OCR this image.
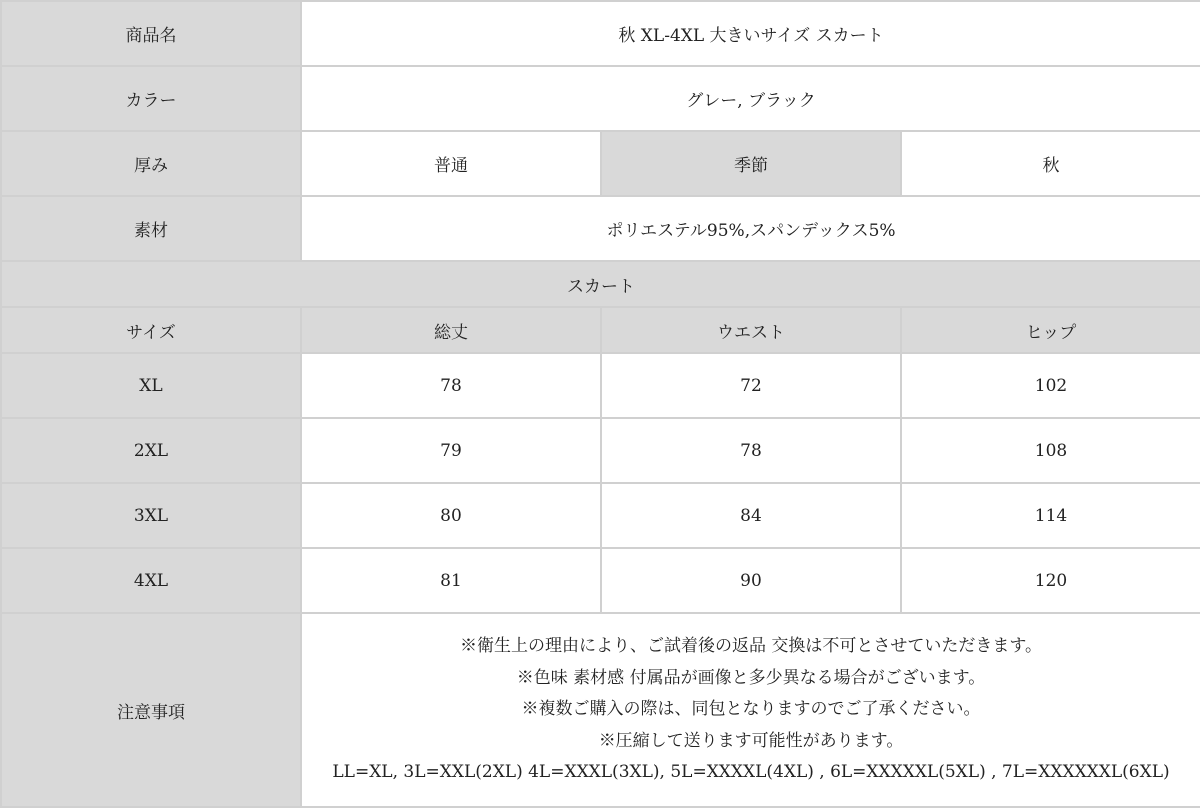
商品名	秋 XL-4XL 大きいサイズ スカート		
カラー	グレー, ブラック		
厚み	普通	季節	秋
素材	ポリエステル95%,スパンデックス5%		
スカート			
サイズ	総丈	ウエスト	ヒップ
XL	78	72	102
2XL	79	78	108
3XL	80	84	114
4XL	81	90	120
注意事項	※衛生上の理由により、ご試着後の返品 交換は不可とさせていただきます。
※色味 素材感 付属品が画像と多少異なる場合がございます。
※複数ご購入の際は、同包となりますのでご了承ください。
※圧縮して送ります可能性があります。
LL=XL, 3L=XXL(2XL) 4L=XXXL(3XL), 5L=XXXXL(4XL) , 6L=XXXXXL(5XL) , 7L=XXXXXXL(6XL)		
